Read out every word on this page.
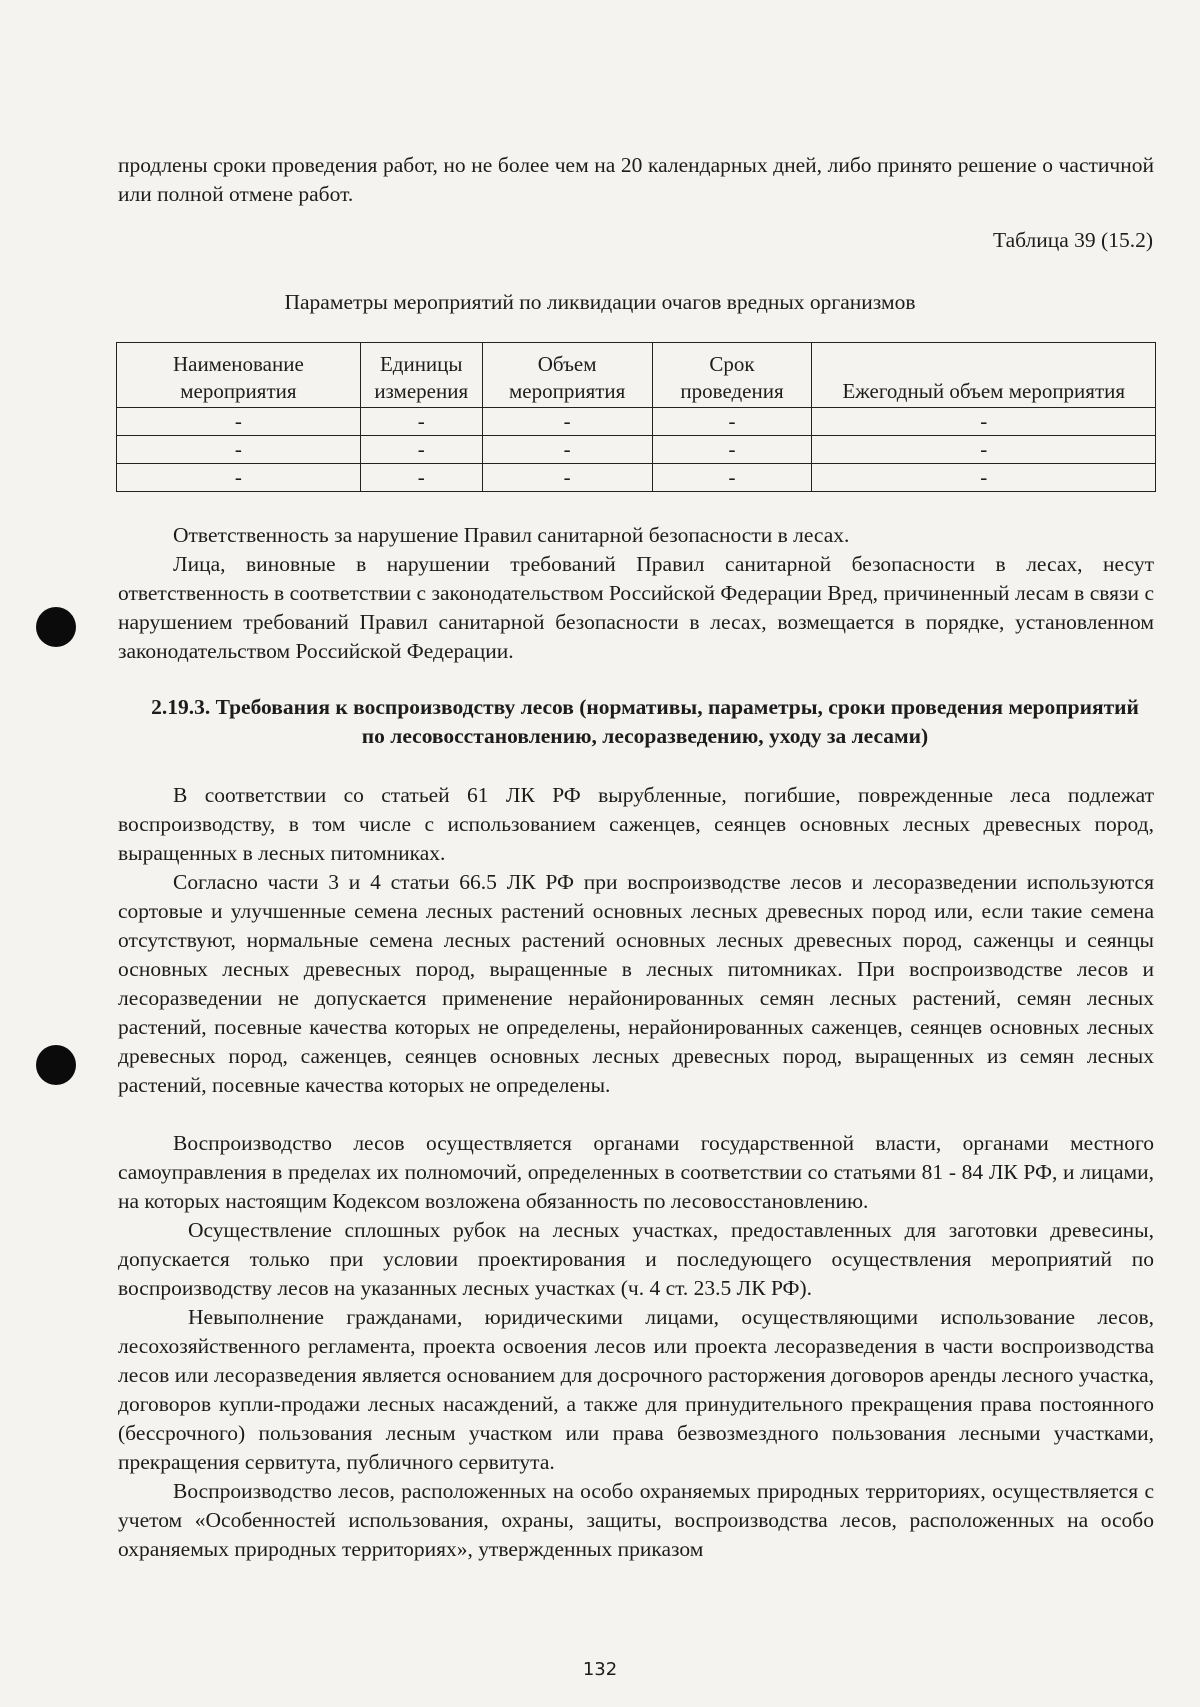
продлены сроки проведения работ, но не более чем на 20 календарных дней, либо принято решение о частичной или полной отмене работ.
Таблица 39 (15.2)
Параметры мероприятий по ликвидации очагов вредных организмов
Наименование мероприятия	Единицы измерения	Объем мероприятия	Срок проведения	Ежегодный объем мероприятия
-	-	-	-	-
-	-	-	-	-
-	-	-	-	-
Ответственность за нарушение Правил санитарной безопасности в лесах.
Лица, виновные в нарушении требований Правил санитарной безопасности в лесах, несут ответственность в соответствии с законодательством Российской Федерации Вред, причиненный лесам в связи с нарушением требований Правил санитарной безопасности в лесах, возмещается в порядке, установленном законодательством Российской Федерации.
2.19.3. Требования к воспроизводству лесов (нормативы, параметры, сроки проведения мероприятий по лесовосстановлению, лесоразведению, уходу за лесами)
В соответствии со статьей 61 ЛК РФ вырубленные, погибшие, поврежденные леса подлежат воспроизводству, в том числе с использованием саженцев, сеянцев основных лесных древесных пород, выращенных в лесных питомниках.
Согласно части 3 и 4 статьи 66.5 ЛК РФ при воспроизводстве лесов и лесоразведении используются сортовые и улучшенные семена лесных растений основных лесных древесных пород или, если такие семена отсутствуют, нормальные семена лесных растений основных лесных древесных пород, саженцы и сеянцы основных лесных древесных пород, выращенные в лесных питомниках. При воспроизводстве лесов и лесоразведении не допускается применение нерайонированных семян лесных растений, семян лесных растений, посевные качества которых не определены, нерайонированных саженцев, сеянцев основных лесных древесных пород, саженцев, сеянцев основных лесных древесных пород, выращенных из семян лесных растений, посевные качества которых не определены.
Воспроизводство лесов осуществляется органами государственной власти, органами местного самоуправления в пределах их полномочий, определенных в соответствии со статьями 81 - 84 ЛК РФ, и лицами, на которых настоящим Кодексом возложена обязанность по лесовосстановлению.
Осуществление сплошных рубок на лесных участках, предоставленных для заготовки древесины, допускается только при условии проектирования и последующего осуществления мероприятий по воспроизводству лесов на указанных лесных участках (ч. 4 ст. 23.5 ЛК РФ).
Невыполнение гражданами, юридическими лицами, осуществляющими использование лесов, лесохозяйственного регламента, проекта освоения лесов или проекта лесоразведения в части воспроизводства лесов или лесоразведения является основанием для досрочного расторжения договоров аренды лесного участка, договоров купли-продажи лесных насаждений, а также для принудительного прекращения права постоянного (бессрочного) пользования лесным участком или права безвозмездного пользования лесными участками, прекращения сервитута, публичного сервитута.
Воспроизводство лесов, расположенных на особо охраняемых природных территориях, осуществляется с учетом «Особенностей использования, охраны, защиты, воспроизводства лесов, расположенных на особо охраняемых природных территориях», утвержденных приказом
132
